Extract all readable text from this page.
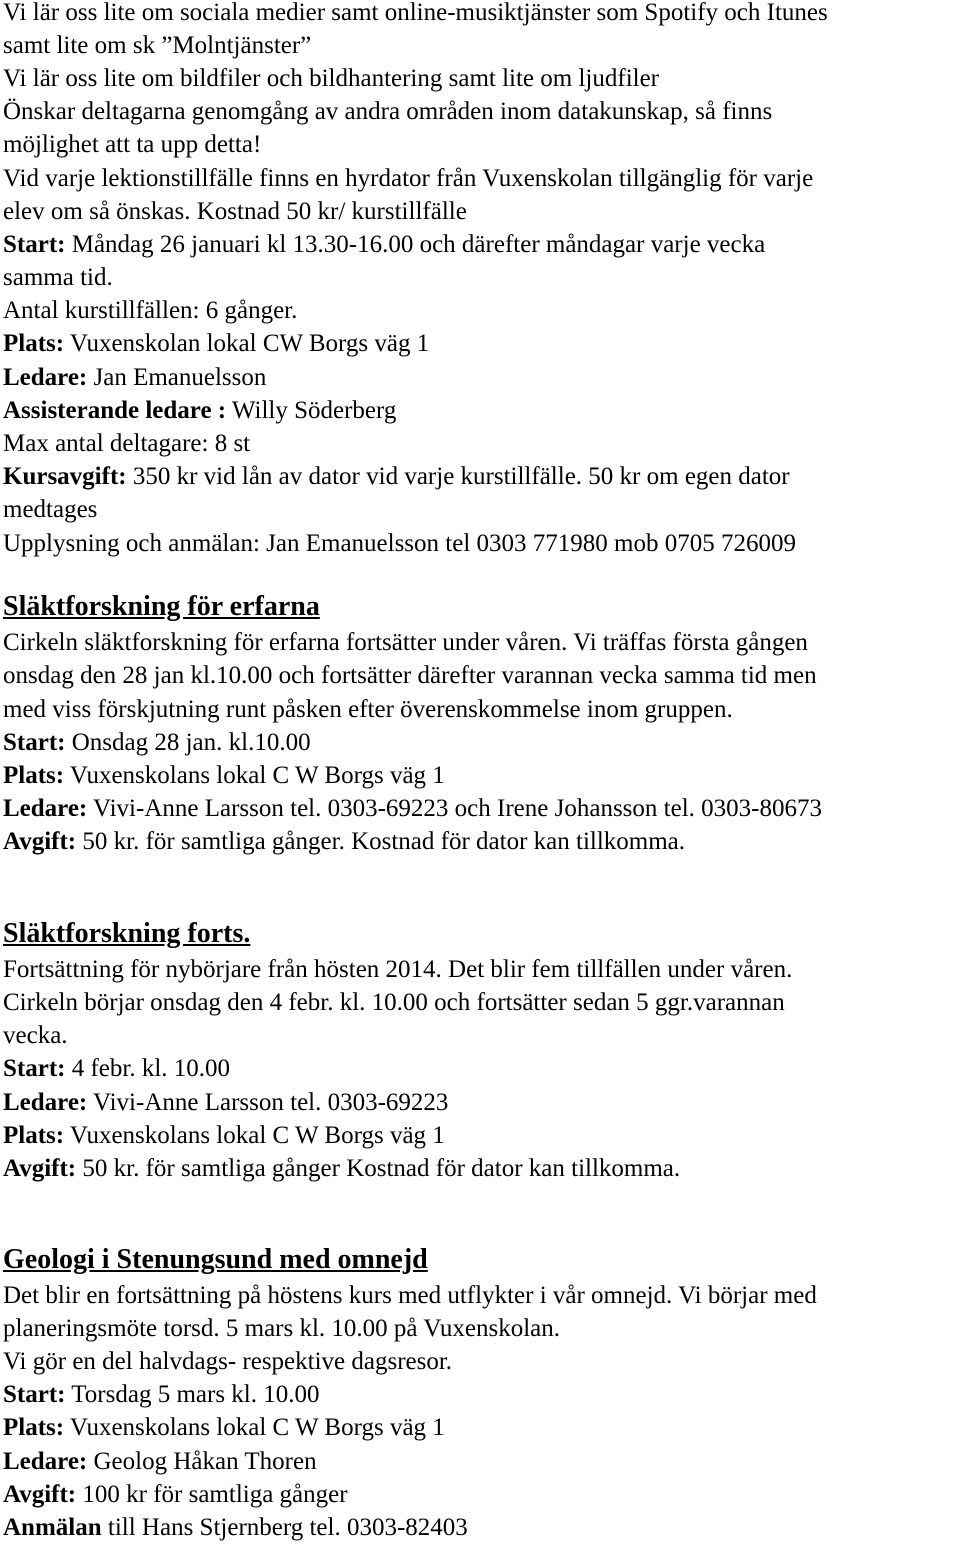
Vi lär oss lite om sociala medier samt online-musiktjänster som Spotify och Itunes

samt lite om sk ”Molntjänster”

Vi lär oss lite om bildfiler och bildhantering samt lite om ljudfiler

Önskar deltagarna genomgång av andra områden inom datakunskap, så finns

möjlighet att ta upp detta!

Vid varje lektionstillfälle finns en hyrdator från Vuxenskolan tillgänglig för varje

elev om så önskas. Kostnad 50 kr/ kurstillfälle

Start: Måndag 26 januari kl 13.30-16.00 och därefter måndagar varje vecka

samma tid.

Antal kurstillfällen: 6 gånger.

Plats: Vuxenskolan lokal CW Borgs väg 1

Ledare: Jan Emanuelsson

Assisterande ledare : Willy Söderberg

Max antal deltagare: 8 st

Kursavgift: 350 kr vid lån av dator vid varje kurstillfälle. 50 kr om egen dator

medtages

Upplysning och anmälan: Jan Emanuelsson tel 0303 771980 mob 0705 726009

Släktforskning för erfarna

Cirkeln släktforskning för erfarna fortsätter under våren. Vi träffas första gången

onsdag den 28 jan kl.10.00 och fortsätter därefter varannan vecka samma tid men

med viss förskjutning runt påsken efter överenskommelse inom gruppen.

Start: Onsdag 28 jan. kl.10.00

Plats: Vuxenskolans lokal C W Borgs väg 1

Ledare: Vivi-Anne Larsson tel. 0303-69223 och Irene Johansson tel. 0303-80673

Avgift: 50 kr. för samtliga gånger. Kostnad för dator kan tillkomma.

Släktforskning forts.

Fortsättning för nybörjare från hösten 2014. Det blir fem tillfällen under våren.

Cirkeln börjar onsdag den 4 febr. kl. 10.00 och fortsätter sedan 5 ggr.varannan

vecka.

Start: 4 febr. kl. 10.00

Ledare: Vivi-Anne Larsson tel. 0303-69223

Plats: Vuxenskolans lokal C W Borgs väg 1

Avgift: 50 kr. för samtliga gånger Kostnad för dator kan tillkomma.

Geologi i Stenungsund med omnejd

Det blir en fortsättning på höstens kurs med utflykter i vår omnejd. Vi börjar med

planeringsmöte torsd. 5 mars kl. 10.00 på Vuxenskolan.

Vi gör en del halvdags- respektive dagsresor.

Start: Torsdag 5 mars kl. 10.00

Plats: Vuxenskolans lokal C W Borgs väg 1

Ledare: Geolog Håkan Thoren

Avgift: 100 kr för samtliga gånger

Anmälan till Hans Stjernberg tel. 0303-82403
